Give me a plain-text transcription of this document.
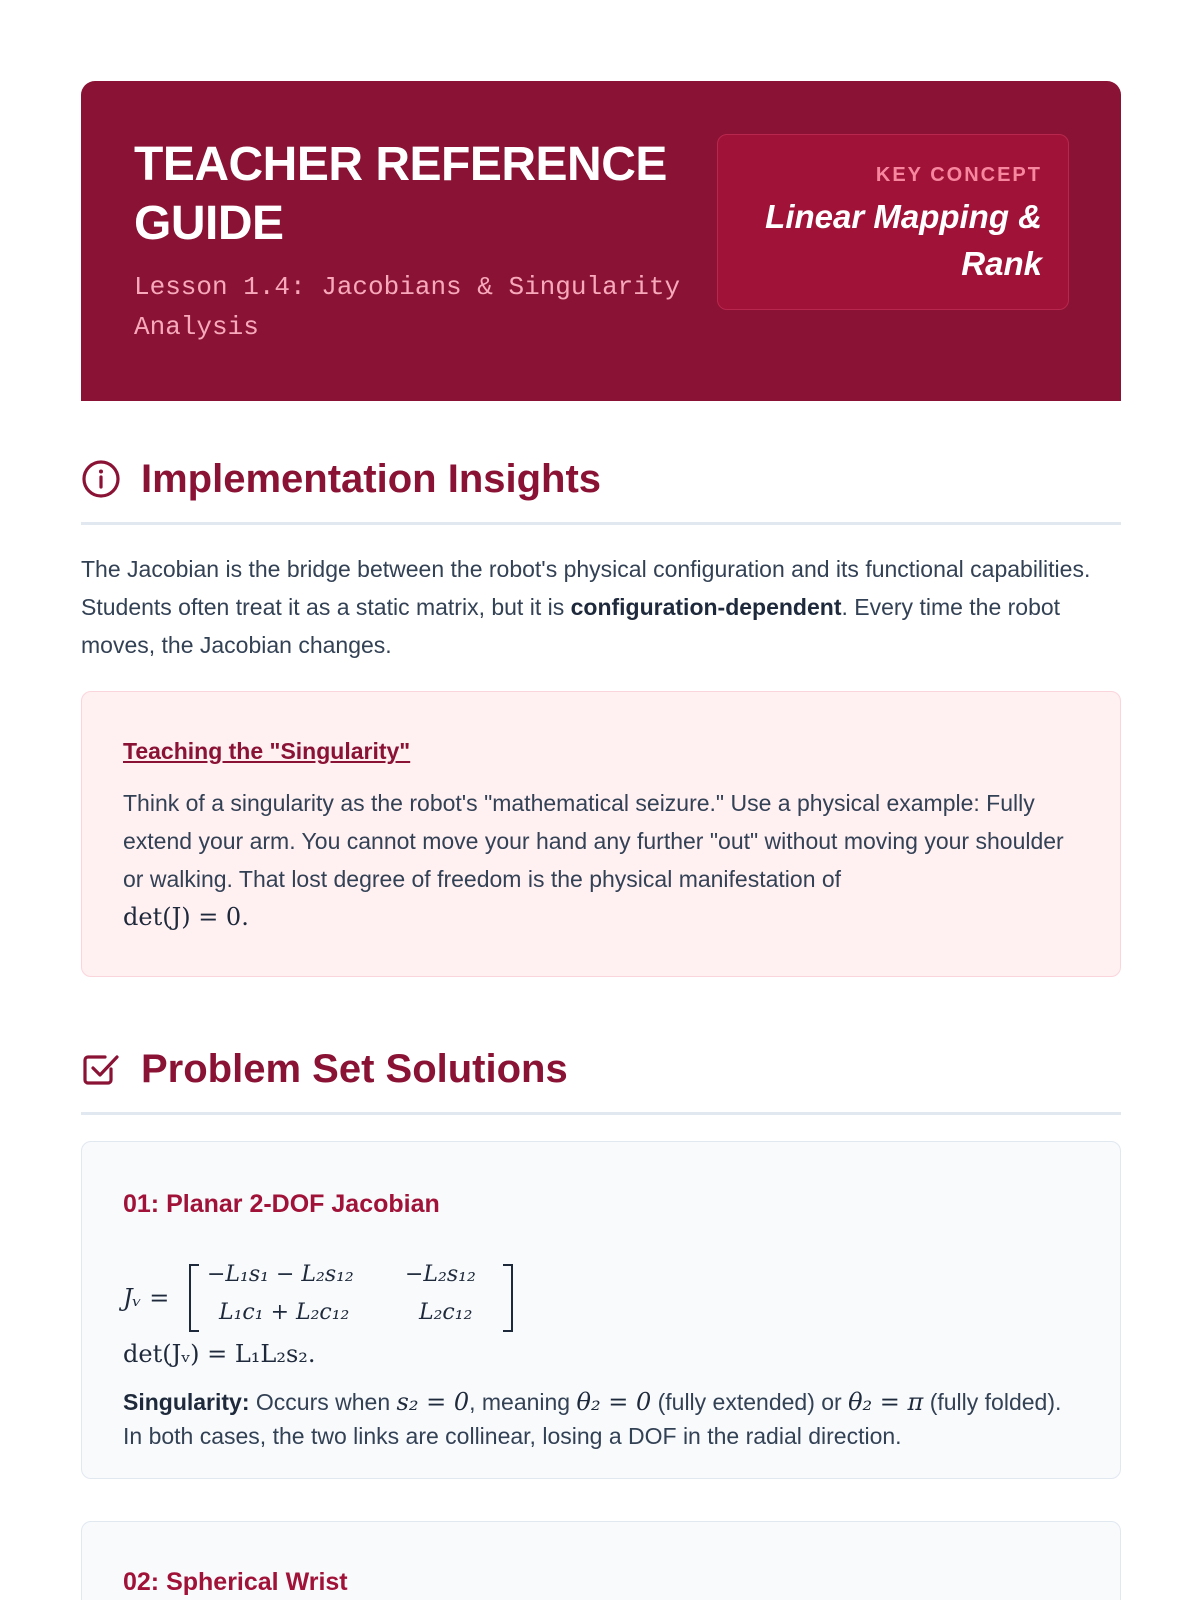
TEACHER REFERENCE GUIDE
Lesson 1.4: Jacobians & Singularity Analysis
KEY CONCEPT
Linear Mapping & Rank
Implementation Insights
The Jacobian is the bridge between the robot's physical configuration and its functional capabilities. Students often treat it as a static matrix, but it is configuration-dependent. Every time the robot moves, the Jacobian changes.
Teaching the "Singularity"
Think of a singularity as the robot's "mathematical seizure." Use a physical example: Fully extend your arm. You cannot move your hand any further "out" without moving your shoulder or walking. That lost degree of freedom is the physical manifestation of
det(J) = 0.
Problem Set Solutions
01: Planar 2-DOF Jacobian
Jᵥ =
−L₁s₁ − L₂s₁₂ −L₂s₁₂
L₁c₁ + L₂c₁₂	L₂c₁₂
det(Jᵥ) = L₁L₂s₂.
Singularity: Occurs when s₂ = 0, meaning θ₂ = 0 (fully extended) or θ₂ = π (fully folded). In both cases, the two links are collinear, losing a DOF in the radial direction.
02: Spherical Wrist
